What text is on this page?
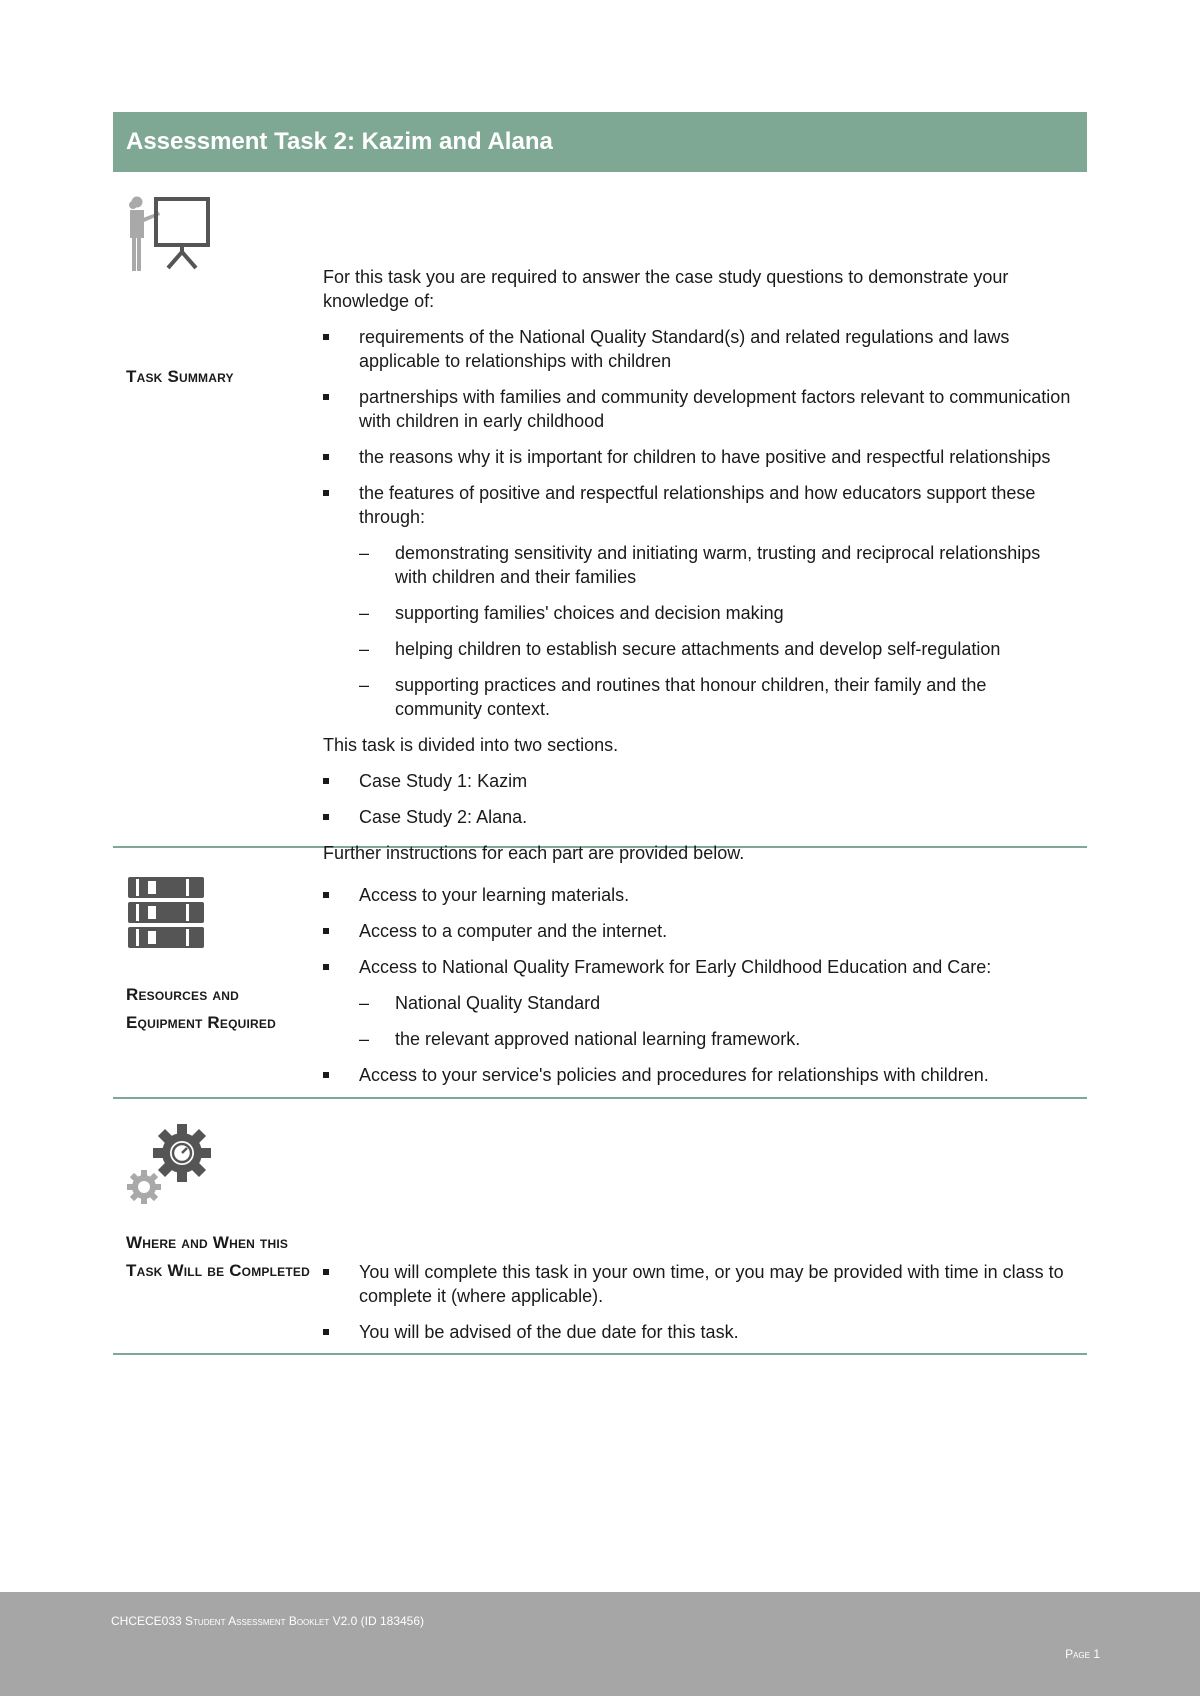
Assessment Task 2: Kazim and Alana
Task Summary

For this task you are required to answer the case study questions to demonstrate your knowledge of:

requirements of the National Quality Standard(s) and related regulations and laws applicable to relationships with children
partnerships with families and community development factors relevant to communication with children in early childhood
the reasons why it is important for children to have positive and respectful relationships
the features of positive and respectful relationships and how educators support these through:
– demonstrating sensitivity and initiating warm, trusting and reciprocal relationships with children and their families
– supporting families' choices and decision making
– helping children to establish secure attachments and develop self-regulation
– supporting practices and routines that honour children, their family and the community context.

This task is divided into two sections.

Case Study 1: Kazim
Case Study 2: Alana.

Further instructions for each part are provided below.

Resources and Equipment Required
Access to your learning materials.
Access to a computer and the internet.
Access to National Quality Framework for Early Childhood Education and Care:
– National Quality Standard
– the relevant approved national learning framework.
Access to your service's policies and procedures for relationships with children.
Where and When this Task Will be Completed	You will complete this task in your own time, or you may be provided with time in class to complete it (where applicable).
You will be advised of the due date for this task.
CHCECE033 Student Assessment Booklet V2.0 (ID 183456)
Page 1
